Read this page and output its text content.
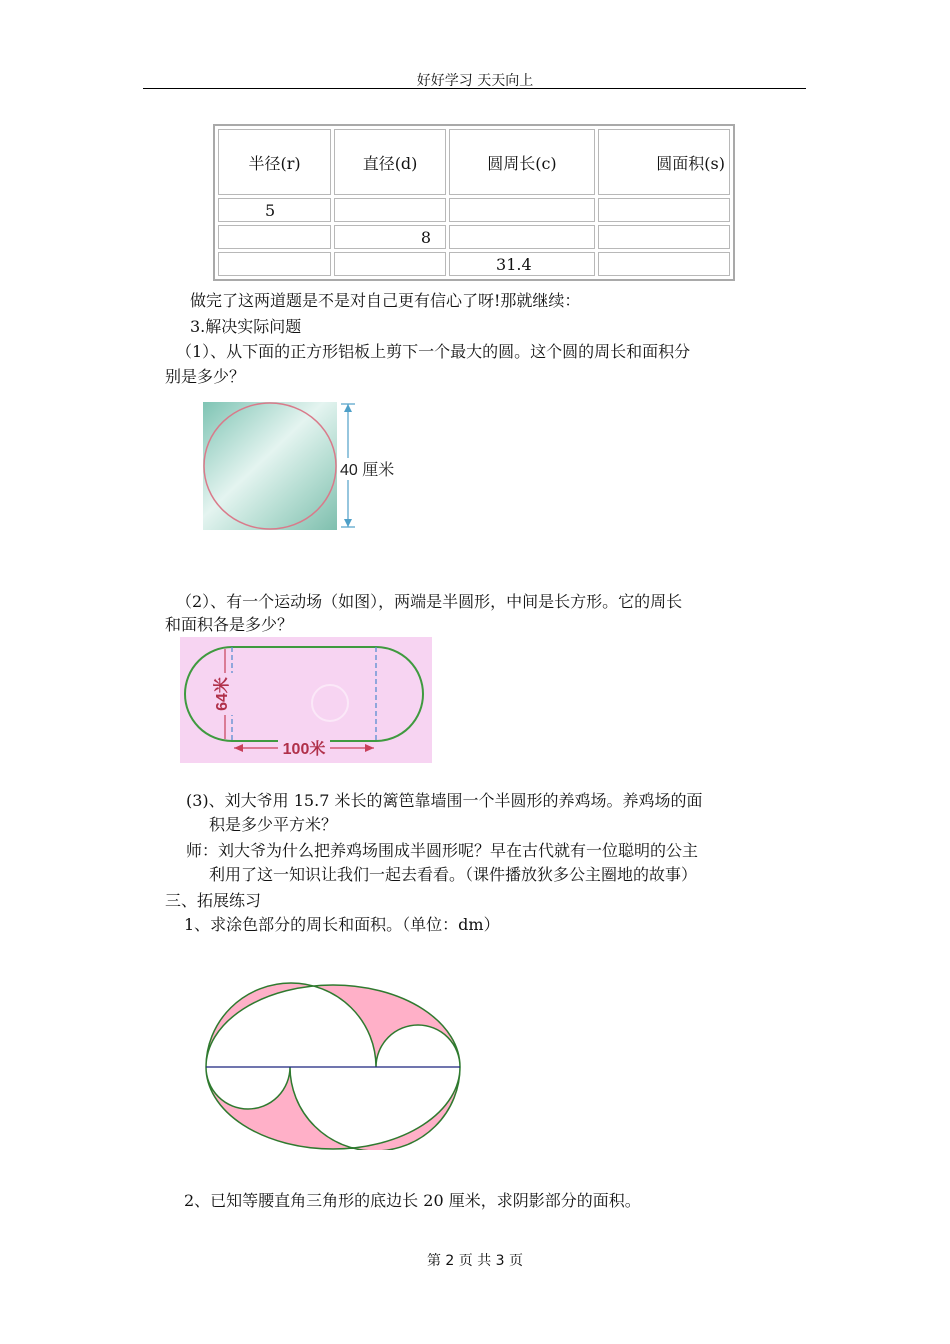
好好学习 天天向上
半径(r)	直径(d)	圆周长(c)	圆面积(s)
5			
	8		
		31.4	
做完了这两道题是不是对自己更有信心了呀!那就继续：
3.解决实际问题
（1）、从下面的正方形铝板上剪下一个最大的圆。这个圆的周长和面积分
别是多少？
40 厘米
（2）、有一个运动场（如图），两端是半圆形，中间是长方形。它的周长
和面积各是多少？
64米
100米
(3)、刘大爷用 15.7 米长的篱笆靠墙围一个半圆形的养鸡场。养鸡场的面
积是多少平方米？
师：刘大爷为什么把养鸡场围成半圆形呢？早在古代就有一位聪明的公主
利用了这一知识让我们一起去看看。（课件播放狄多公主圈地的故事）
三、拓展练习
1、求涂色部分的周长和面积。（单位：dm）
2、已知等腰直角三角形的底边长 20 厘米，求阴影部分的面积。
第 2 页 共 3 页
